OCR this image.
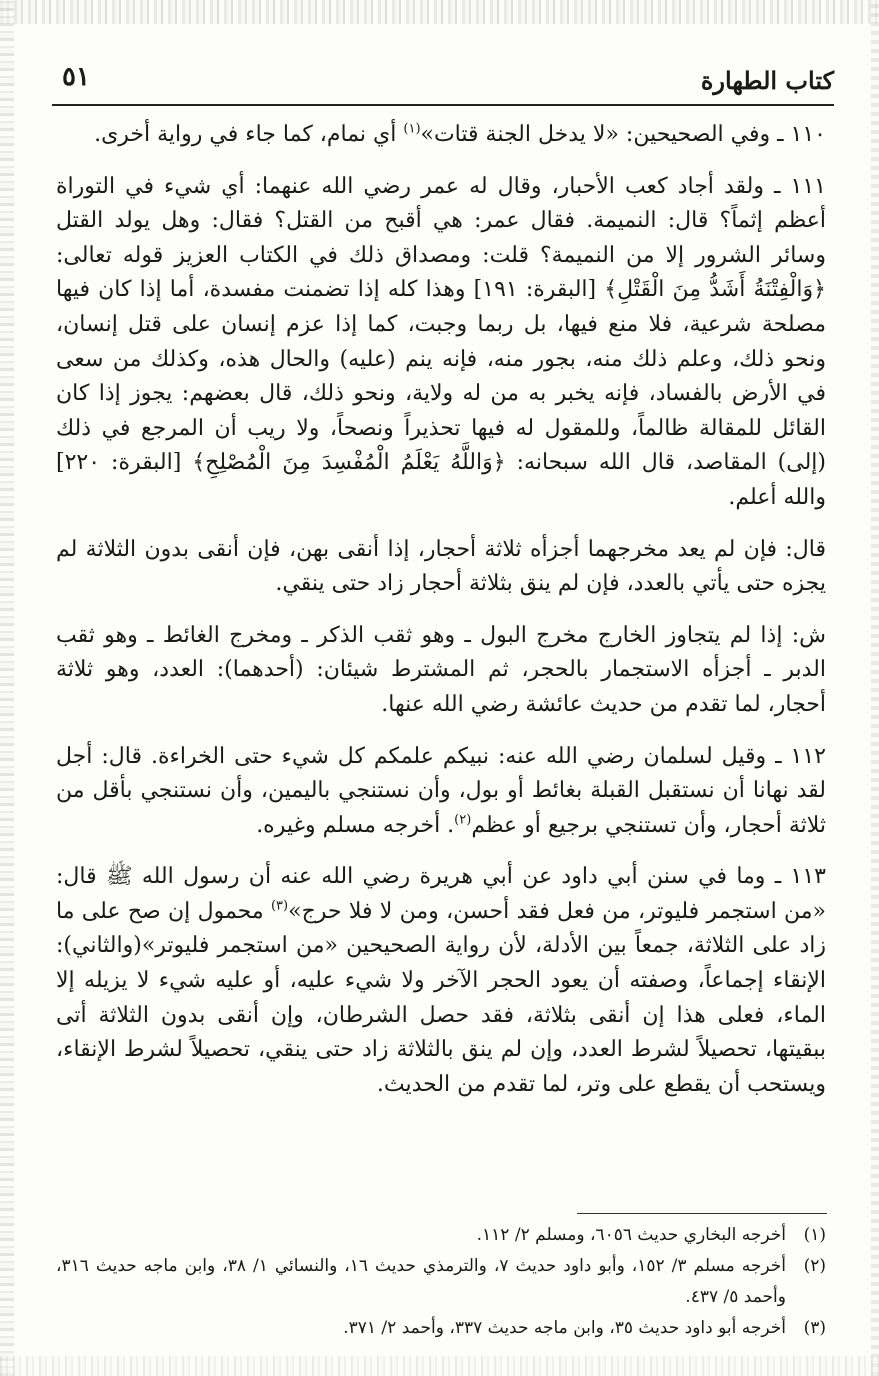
٥١	كتاب الطهارة

١١٠ ـ وفي الصحيحين: «لا يدخل الجنة قتات»$^{(١)}$ أي نمام، كما جاء في رواية أخرى.

١١١ ـ ولقد أجاد كعب الأحبار، وقال له عمر رضي الله عنهما: أي شيء في التوراة أعظم إثماً؟ قال: النميمة. فقال عمر: هي أقبح من القتل؟ فقال: وهل يولد القتل وسائر الشرور إلا من النميمة؟ قلت: ومصداق ذلك في الكتاب العزيز قوله تعالى: ﴿وَالْفِتْنَةُ أَشَدُّ مِنَ الْقَتْلِ﴾ [البقرة: ١٩١] وهذا كله إذا تضمنت مفسدة، أما إذا كان فيها مصلحة شرعية، فلا منع فيها، بل ربما وجبت، كما إذا عزم إنسان على قتل إنسان، ونحو ذلك، وعلم ذلك منه، بجور منه، فإنه ينم (عليه) والحال هذه، وكذلك من سعى في الأرض بالفساد، فإنه يخبر به من له ولاية، ونحو ذلك، قال بعضهم: يجوز إذا كان القائل للمقالة ظالماً، وللمقول له فيها تحذيراً ونصحاً، ولا ريب أن المرجع في ذلك (إلى) المقاصد، قال الله سبحانه: ﴿وَاللَّهُ يَعْلَمُ الْمُفْسِدَ مِنَ الْمُصْلِحِ﴾ [البقرة: ٢٢٠] والله أعلم.

قال: فإن لم يعد مخرجهما أجزأه ثلاثة أحجار، إذا أنقى بهن، فإن أنقى بدون الثلاثة لم يجزه حتى يأتي بالعدد، فإن لم ينق بثلاثة أحجار زاد حتى ينقي.

ش: إذا لم يتجاوز الخارج مخرج البول ـ وهو ثقب الذكر ـ ومخرج الغائط ـ وهو ثقب الدبر ـ أجزأه الاستجمار بالحجر، ثم المشترط شيئان: (أحدهما): العدد، وهو ثلاثة أحجار، لما تقدم من حديث عائشة رضي الله عنها.

١١٢ ـ وقيل لسلمان رضي الله عنه: نبيكم علمكم كل شيء حتى الخراءة. قال: أجل لقد نهانا أن نستقبل القبلة بغائط أو بول، وأن نستنجي باليمين، وأن نستنجي بأقل من ثلاثة أحجار، وأن تستنجي برجيع أو عظم$^{(٢)}$. أخرجه مسلم وغيره.

١١٣ ـ وما في سنن أبي داود عن أبي هريرة رضي الله عنه أن رسول الله ﷺ قال: «من استجمر فليوتر، من فعل فقد أحسن، ومن لا فلا حرج»$^{(٣)}$ محمول إن صح على ما زاد على الثلاثة، جمعاً بين الأدلة، لأن رواية الصحيحين «من استجمر فليوتر»(والثاني): الإنقاء إجماعاً، وصفته أن يعود الحجر الآخر ولا شيء عليه، أو عليه شيء لا يزيله إلا الماء، فعلى هذا إن أنقى بثلاثة، فقد حصل الشرطان، وإن أنقى بدون الثلاثة أتى ببقيتها، تحصيلاً لشرط العدد، وإن لم ينق بالثلاثة زاد حتى ينقي، تحصيلاً لشرط الإنقاء، ويستحب أن يقطع على وتر، لما تقدم من الحديث.

(١)
أخرجه البخاري حديث ٦٠٥٦، ومسلم ٢/ ١١٢.
(٢)
أخرجه مسلم ٣/ ١٥٢، وأبو داود حديث ٧، والترمذي حديث ١٦، والنسائي ١/ ٣٨، وابن ماجه حديث ٣١٦، وأحمد ٥/ ٤٣٧.
(٣)
أخرجه أبو داود حديث ٣٥، وابن ماجه حديث ٣٣٧، وأحمد ٢/ ٣٧١.
